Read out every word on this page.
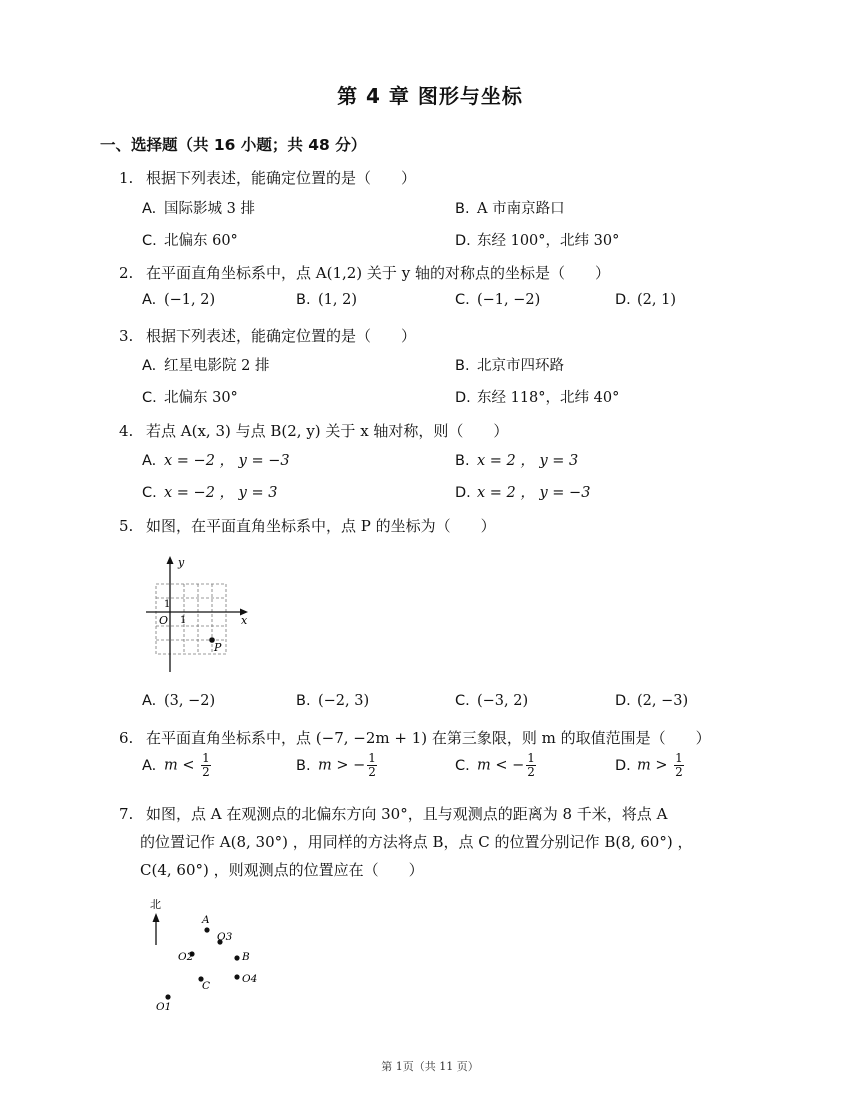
第 4 章 图形与坐标
一、选择题（共 16 小题；共 48 分）
1. 根据下列表述，能确定位置的是（　　）
A. 国际影城 3 排	B. A 市南京路口
C. 北偏东 60°	D. 东经 100°，北纬 30°
2. 在平面直角坐标系中，点 A(1,2) 关于 y 轴的对称点的坐标是（　　）
A. (−1, 2)	B. (1, 2)	C. (−1, −2)	D. (2, 1)
3. 根据下列表述，能确定位置的是（　　）
A. 红星电影院 2 排	B. 北京市四环路
C. 北偏东 30°	D. 东经 118°，北纬 40°
4. 若点 A(x, 3) 与点 B(2, y) 关于 x 轴对称，则（　　）
A. x = −2 ， y = −3	B. x = 2 ， y = 3
C. x = −2 ， y = 3	D. x = 2 ， y = −3
5. 如图，在平面直角坐标系中，点 P 的坐标为（　　）
y
x
O 1
1
P
A. (3, −2)	B. (−2, 3)	C. (−3, 2)	D. (2, −3)
6. 在平面直角坐标系中，点 (−7, −2m + 1) 在第三象限，则 m 的取值范围是（　　）
A. $m < \frac{1}{2}$	B. m > − $\frac{1}{2}$	C. m < − $\frac{1}{2}$	D. $m > \frac{1}{2}$
7. 如图，点 A 在观测点的北偏东方向 30°，且与观测点的距离为 8 千米，将点 A
的位置记作 A(8, 30°) ，用同样的方法将点 B，点 C 的位置分别记作 B(8, 60°) ，
C(4, 60°) ，则观测点的位置应在（　　）
北
A
O3
O2	B
C
O4
O1
第 1页（共 11 页）
